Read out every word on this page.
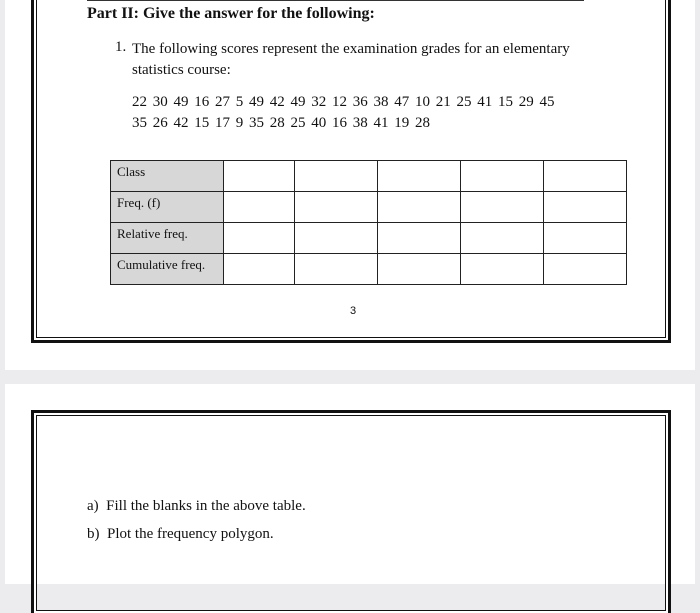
Part II: Give the answer for the following:
1. The following scores represent the examination grades for an elementary statistics course:
22 30 49 16 27 5 49 42 49 32 12 36 38 47 10 21 25 41 15 29 45
35 26 42 15 17 9 35 28 25 40 16 38 41 19 28
Class					
Freq. (f)					
Relative freq.					
Cumulative freq.					
3
a) Fill the blanks in the above table.
b) Plot the frequency polygon.
